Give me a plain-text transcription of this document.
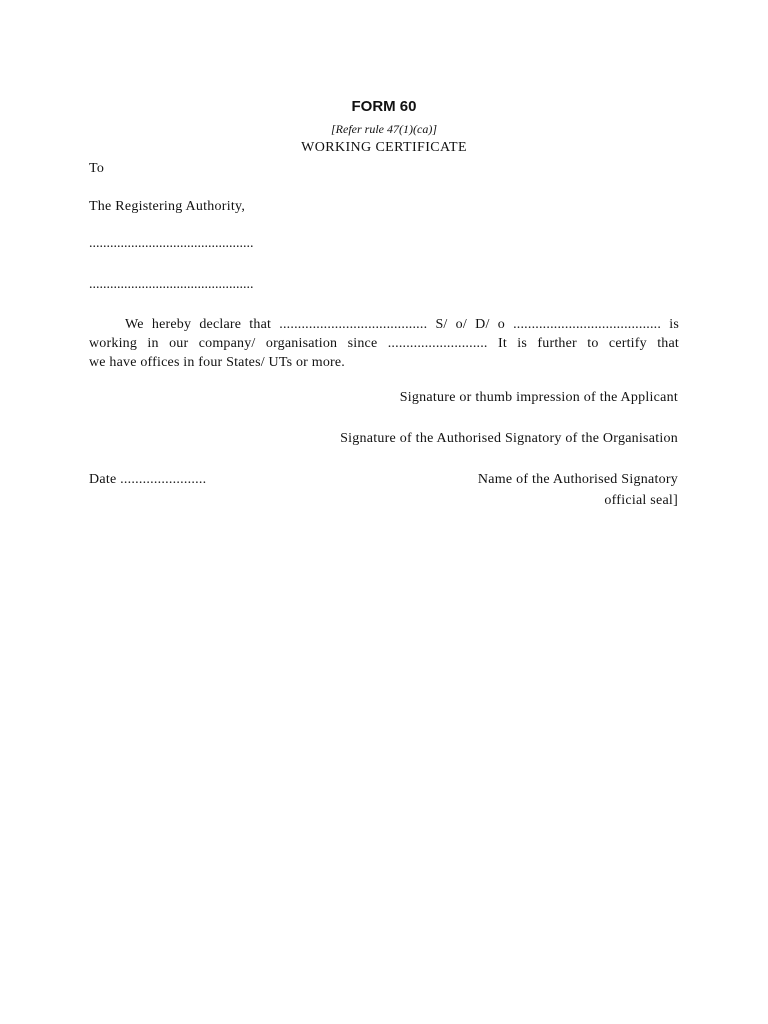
FORM 60
[Refer rule 47(1)(ca)]
WORKING CERTIFICATE
To
The Registering Authority,
...............................................
...............................................
We hereby declare that ........................................ S/ o/ D/ o ........................................ is
working in our company/ organisation since ........................... It is further to certify that
we have offices in four States/ UTs or more.
Signature or thumb impression of the Applicant
Signature of the Authorised Signatory of the Organisation
Date .......................	Name of the Authorised Signatory
official seal]
